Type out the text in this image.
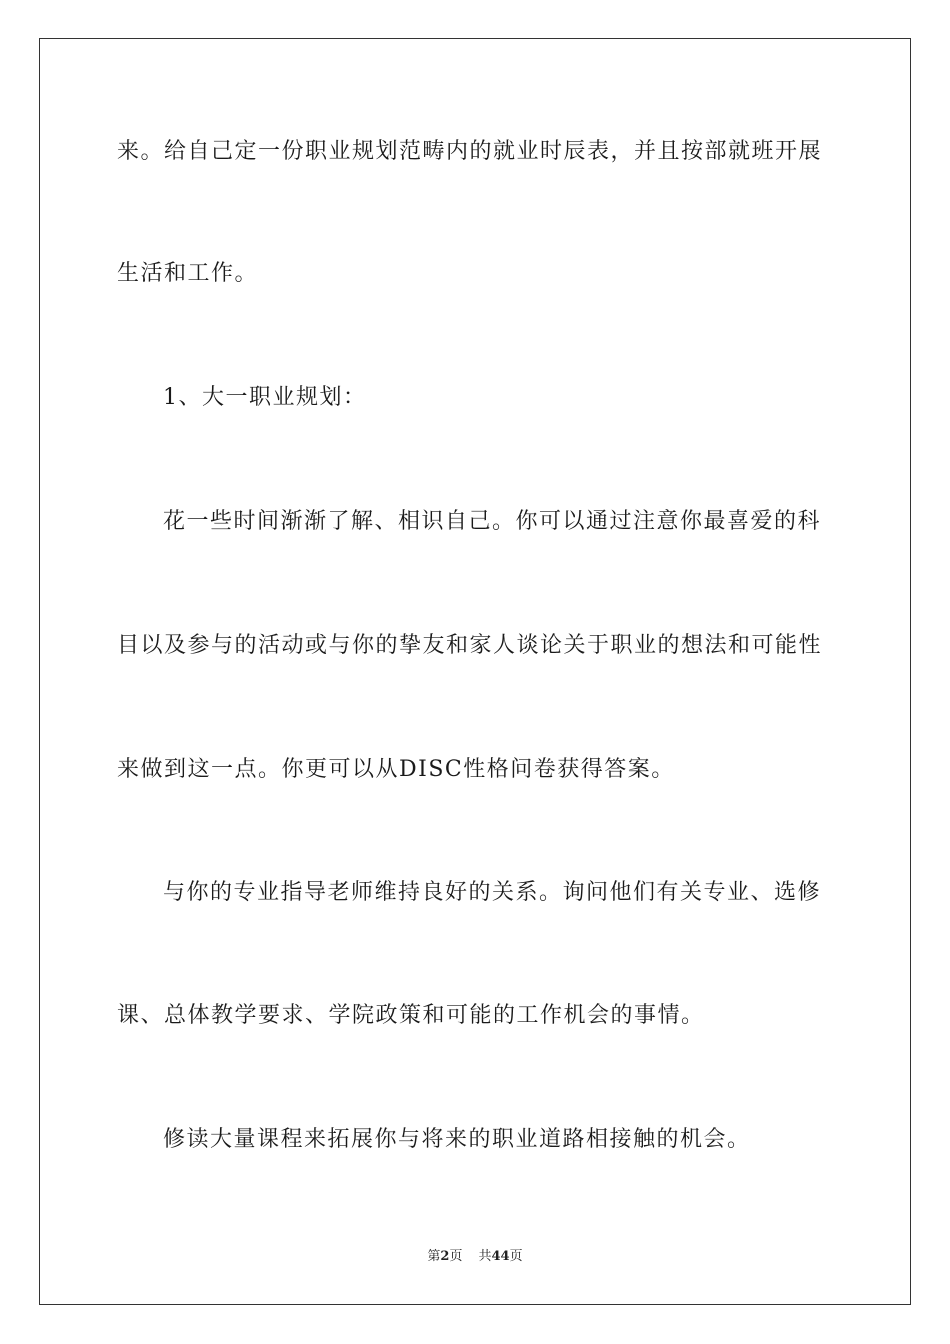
来。给自己定一份职业规划范畴内的就业时辰表，并且按部就班开展
生活和工作。
1、大一职业规划：
花一些时间渐渐了解、相识自己。你可以通过注意你最喜爱的科
目以及参与的活动或与你的挚友和家人谈论关于职业的想法和可能性
来做到这一点。你更可以从DISC性格问卷获得答案。
与你的专业指导老师维持良好的关系。询问他们有关专业、选修
课、总体教学要求、学院政策和可能的工作机会的事情。
修读大量课程来拓展你与将来的职业道路相接触的机会。
第2页 共44页
